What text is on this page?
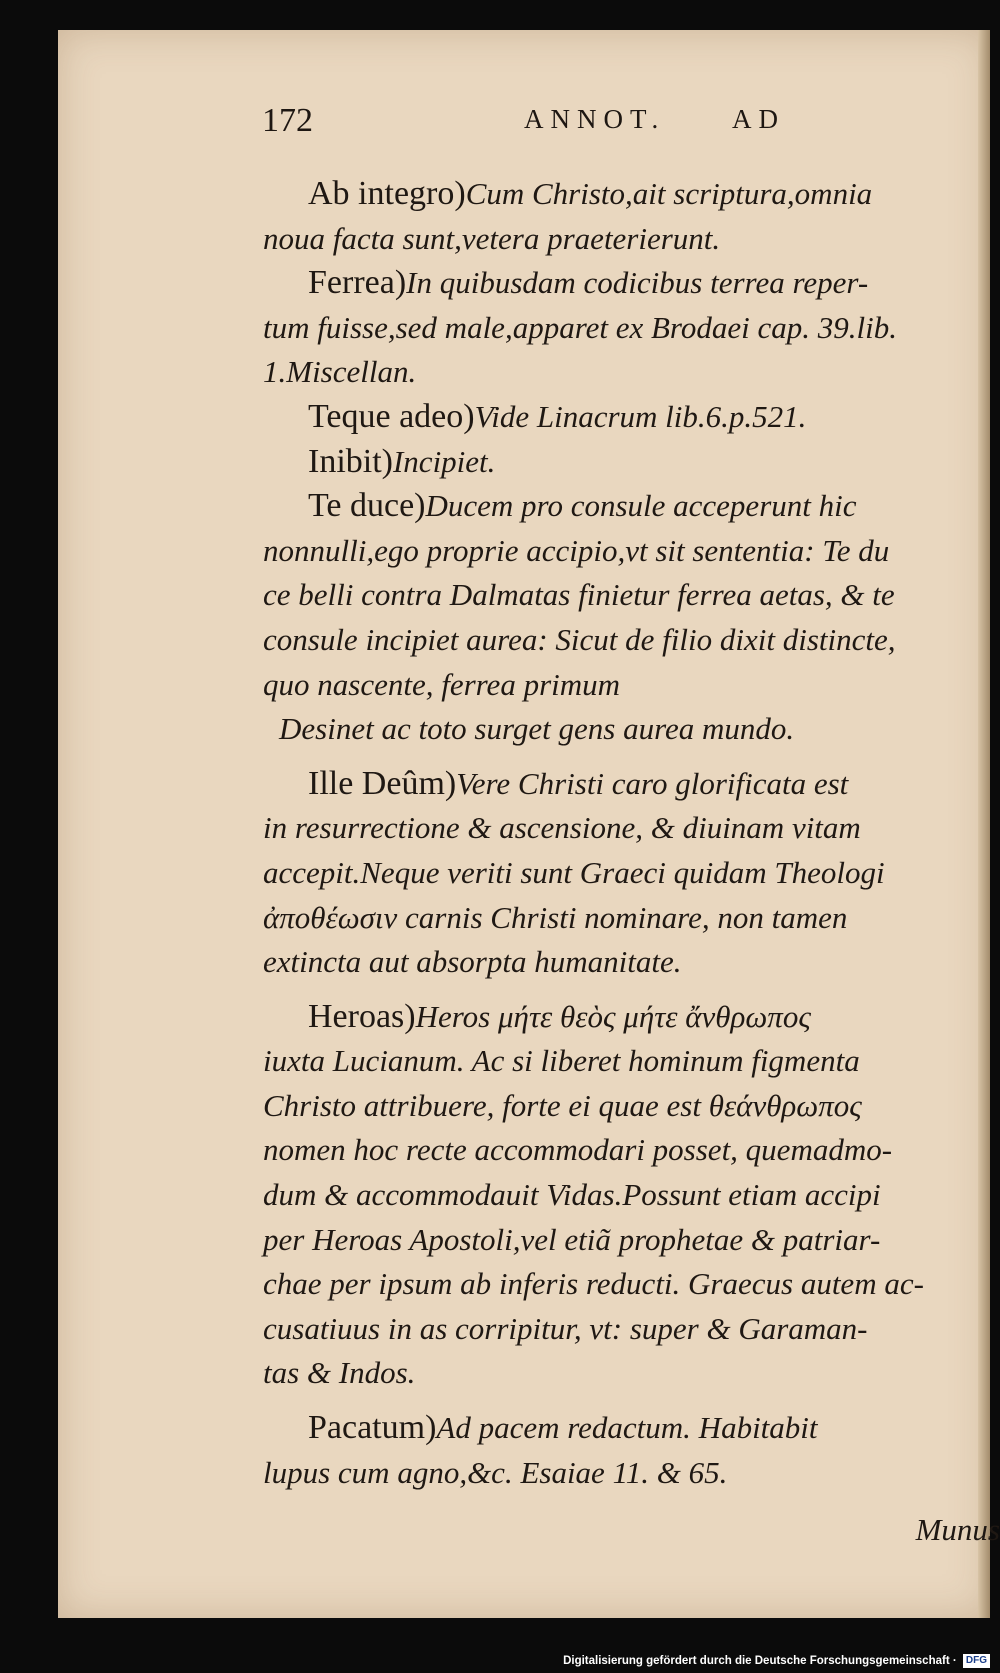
172	ANNOT. AD
Ab integro)Cum Christo,ait scriptura,omnia
noua facta sunt,vetera praeterierunt.
Ferrea)In quibusdam codicibus terrea reper-
tum fuisse,sed male,apparet ex Brodaei cap. 39.lib.
1.Miscellan.
Teque adeo)Vide Linacrum lib.6.p.521.
Inibit)Incipiet.
Te duce)Ducem pro consule acceperunt hic
nonnulli,ego proprie accipio,vt sit sententia: Te du
ce belli contra Dalmatas finietur ferrea aetas, & te
consule incipiet aurea: Sicut de filio dixit distincte,
quo nascente, ferrea primum
Desinet ac toto surget gens aurea mundo.
Ille Deûm)Vere Christi caro glorificata est
in resurrectione & ascensione, & diuinam vitam
accepit.Neque veriti sunt Graeci quidam Theologi
ἀποθέωσιν carnis Christi nominare, non tamen
extincta aut absorpta humanitate.
Heroas)Heros μήτε θεὸς μήτε ἄνθρωπος
iuxta Lucianum. Ac si liberet hominum figmenta
Christo attribuere, forte ei quae est θεάνθρωπος
nomen hoc recte accommodari posset, quemadmo-
dum & accommodauit Vidas.Possunt etiam accipi
per Heroas Apostoli,vel etiã prophetae & patriar-
chae per ipsum ab inferis reducti. Graecus autem ac-
cusatiuus in as corripitur, vt: super & Garaman-
tas & Indos.
Pacatum)Ad pacem redactum. Habitabit
lupus cum agno,&c. Esaiae 11. & 65.
Munus
Digitalisierung gefördert durch die Deutsche Forschungsgemeinschaft · DFG
